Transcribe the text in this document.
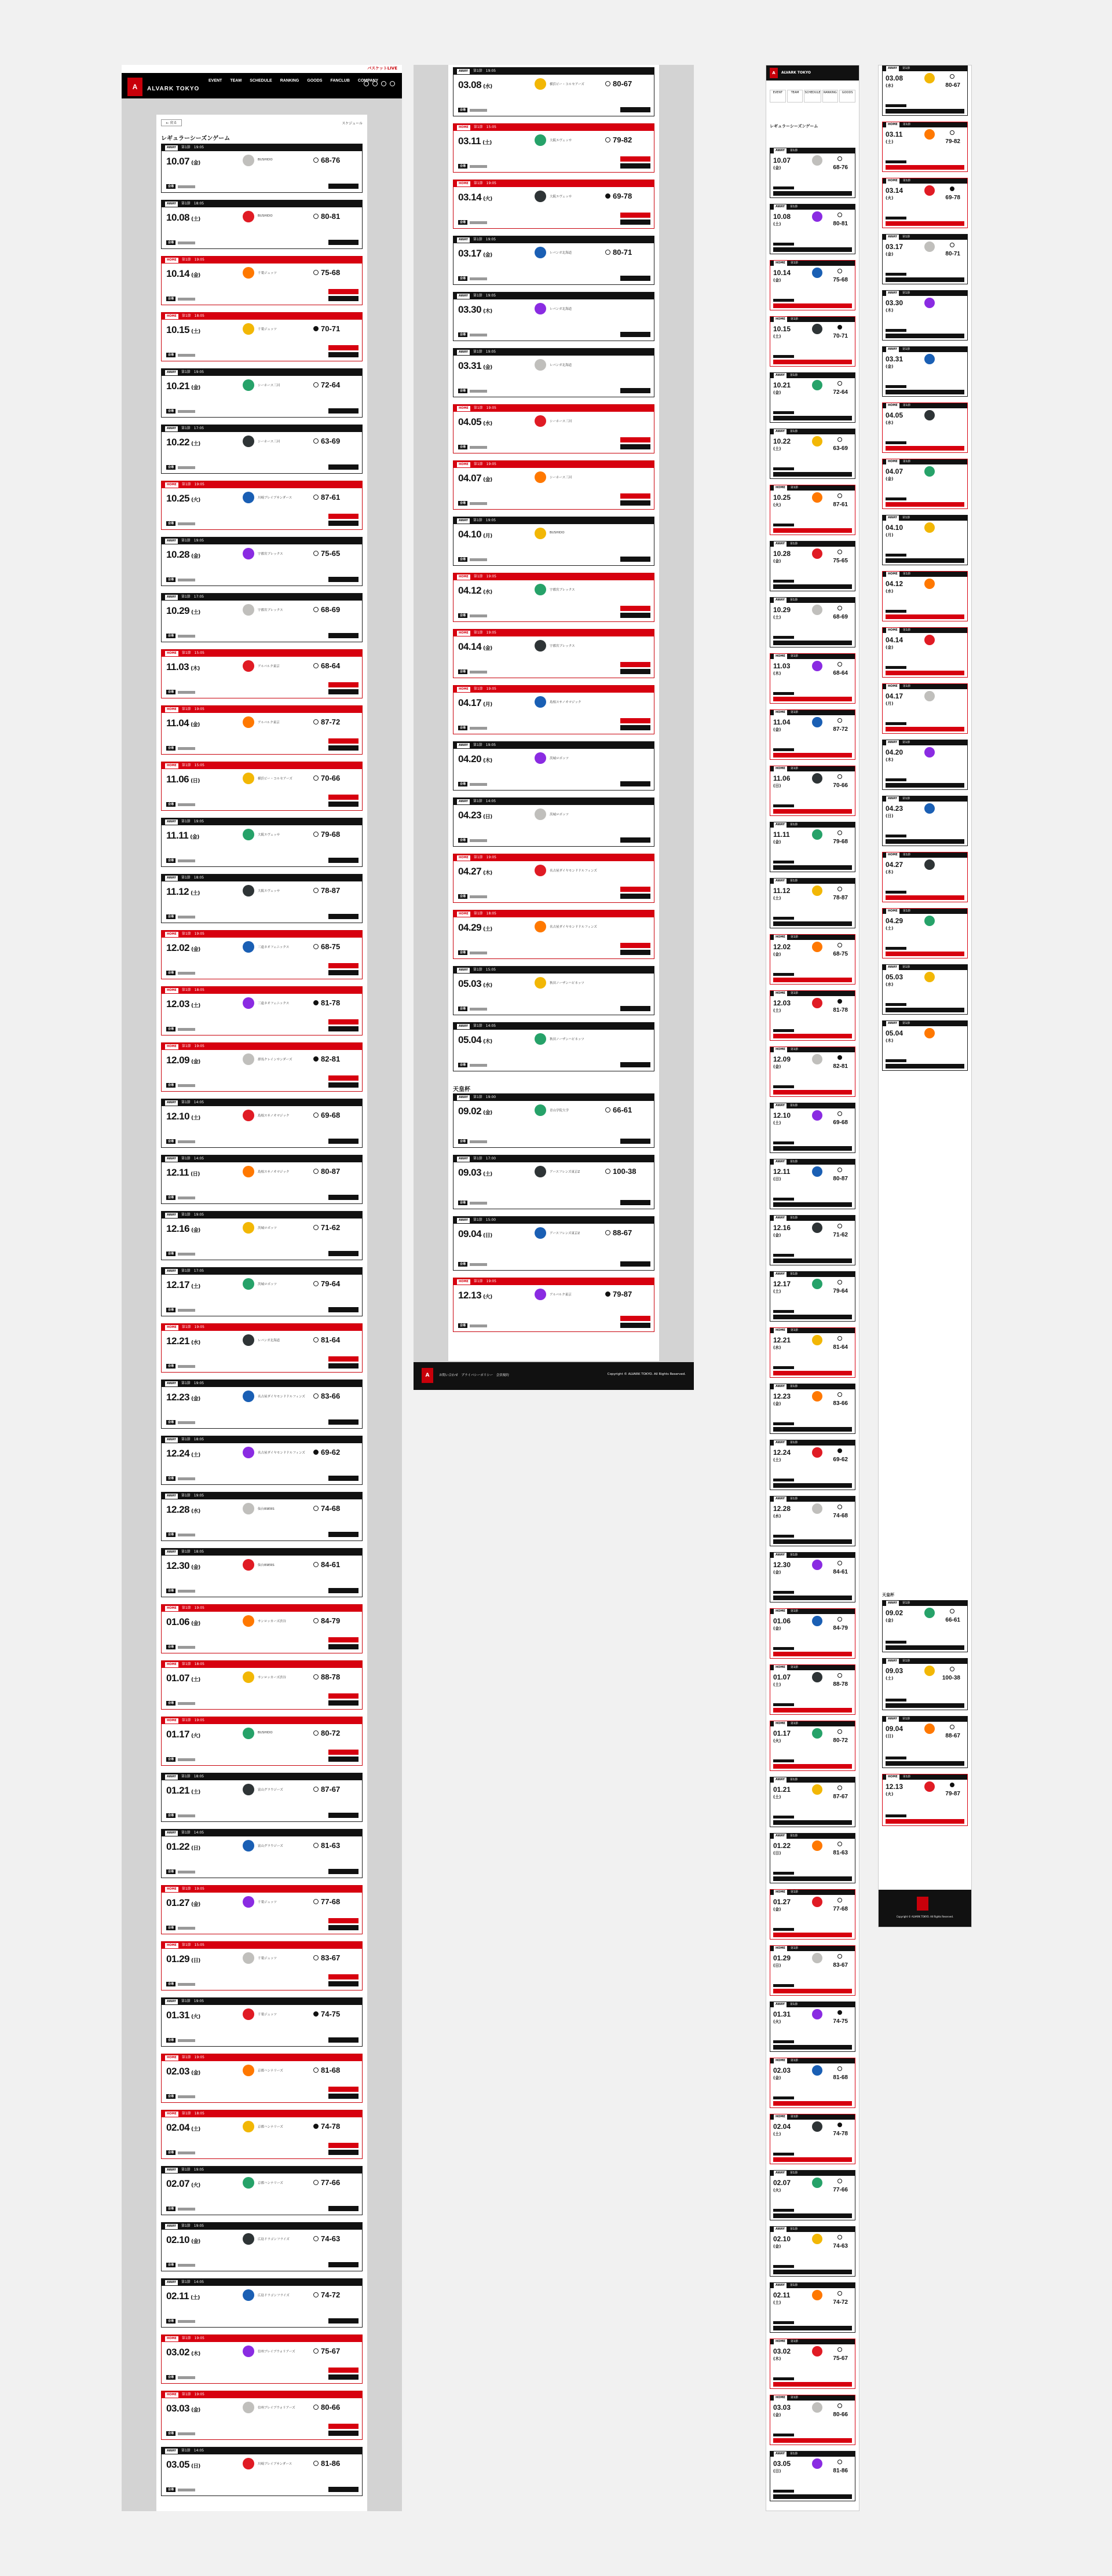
SoftBank バスケットLIVE
A	ALVARK TOKYO
EVENT TEAM SCHEDULE RANKING GOODS FANCLUB COMPANY
← 戻る	スケジュール
レギュラーシーズンゲーム
AWAY	第1節 19:05
10.07 (金)
BUSHIDO	68-76
会場
AWAY	第1節 18:05
10.08 (土)
BUSHIDO	80-81
会場
HOME	第1節 19:05
10.14 (金)	千葉ジェッツ	75-68
会場
HOME	第1節 18:05
10.15 (土)	千葉ジェッツ	70-71
会場
AWAY	第1節 19:05
10.21 (金)	シーホース三河	72-64
会場
AWAY	第1節 17:05
10.22 (土)	シーホース三河	63-69
会場
HOME	第1節 19:05
10.25 (火)	川崎ブレイブサンダース	87-61
会場
AWAY	第1節 19:05
10.28 (金)	宇都宮ブレックス	75-65
会場
AWAY	第1節 17:05
10.29 (土)	宇都宮ブレックス	68-69
会場
HOME	第1節 15:05
11.03 (木)	アルバルク東京	68-64
会場
HOME	第1節 19:05
11.04 (金)	アルバルク東京	87-72
会場
HOME	第1節 15:05
11.06 (日)	横浜ビー・コルセアーズ	70-66
会場
AWAY	第1節 19:05
11.11 (金)	大阪エヴェッサ	79-68
会場
AWAY	第1節 18:05
11.12 (土)	大阪エヴェッサ	78-87
会場
HOME	第1節 19:05
12.02 (金)	三遠ネオフェニックス	68-75
会場
HOME	第1節 18:05
12.03 (土)	三遠ネオフェニックス	81-78
会場
HOME	第1節 19:05
12.09 (金)	群馬クレインサンダーズ	82-81
会場
AWAY	第1節 14:05
12.10 (土)	島根スサノオマジック	69-68
会場
AWAY	第1節 14:05
12.11 (日)	島根スサノオマジック	80-87
会場
AWAY	第1節 19:05
12.16 (金)	茨城ロボッツ	71-62
会場
AWAY	第1節 17:05
12.17 (土)	茨城ロボッツ	79-64
会場
HOME	第1節 19:05
12.21 (水)	レバンガ北海道	81-64
会場
AWAY	第1節 19:05
12.23 (金)	名古屋ダイヤモンドドルフィンズ	83-66
会場
AWAY	第1節 18:05
12.24 (土)	名古屋ダイヤモンドドルフィンズ	69-62
会場
AWAY	第1節 19:05
12.28 (水)	仙台89ERS	74-68
会場
AWAY	第1節 18:05
12.30 (金)	仙台89ERS	84-61
会場
HOME	第1節 19:05
01.06 (金)	サンロッカーズ渋谷	84-79
会場
HOME	第1節 18:05
01.07 (土)	サンロッカーズ渋谷	88-78
会場
HOME	第1節 19:05
01.17 (火)
BUSHIDO	80-72
会場
AWAY	第1節 18:05
01.21 (土)	富山グラウジーズ	87-67
会場
AWAY	第1節 14:05
01.22 (日)	富山グラウジーズ	81-63
会場
HOME	第1節 19:05
01.27 (金)	千葉ジェッツ	77-68
会場
HOME	第1節 15:05
01.29 (日)	千葉ジェッツ	83-67
会場
AWAY	第1節 19:05
01.31 (火)	千葉ジェッツ	74-75
会場
HOME	第1節 19:05
02.03 (金)	京都ハンナリーズ	81-68
会場
HOME	第1節 18:05
02.04 (土)	京都ハンナリーズ	74-78
会場
AWAY	第1節 19:05
02.07 (火)	京都ハンナリーズ	77-66
会場
AWAY	第1節 19:05
02.10 (金)	広島ドラゴンフライズ	74-63
会場
AWAY	第1節 14:05
02.11 (土)	広島ドラゴンフライズ	74-72
会場
HOME	第1節 19:05
03.02 (木)	信州ブレイブウォリアーズ	75-67
会場
HOME	第1節 19:05
03.03 (金)	信州ブレイブウォリアーズ	80-66
会場
AWAY	第1節 14:05
03.05 (日)	川崎ブレイブサンダース	81-86
会場
AWAY	第1節 19:05
03.08 (水)	横浜ビー・コルセアーズ	80-67
会場
HOME	第1節 15:05
03.11 (土)	大阪エヴェッサ	79-82
会場
HOME	第1節 19:05
03.14 (火)	大阪エヴェッサ	69-78
会場
AWAY	第1節 19:05
03.17 (金)	レバンガ北海道	80-71
会場
AWAY	第1節 19:05
03.30 (木)	レバンガ北海道
会場
AWAY	第1節 19:05
03.31 (金)	レバンガ北海道
会場
HOME	第1節 19:05
04.05 (水)	シーホース三河
会場
HOME	第1節 19:05
04.07 (金)	シーホース三河
会場
AWAY	第1節 19:05
04.10 (月)
BUSHIDO
会場
HOME	第1節 19:05
04.12 (水)	宇都宮ブレックス
会場
HOME	第1節 19:05
04.14 (金)	宇都宮ブレックス
会場
HOME	第1節 19:05
04.17 (月)	島根スサノオマジック
会場
AWAY	第1節 19:05
04.20 (木)	茨城ロボッツ
会場
AWAY	第1節 14:05
04.23 (日)	茨城ロボッツ
会場
HOME	第1節 19:05
04.27 (木)	名古屋ダイヤモンドドルフィンズ
会場
HOME	第1節 18:05
04.29 (土)	名古屋ダイヤモンドドルフィンズ
会場
AWAY	第1節 15:05
05.03 (水)	秋田ノーザンハピネッツ
会場
AWAY	第1節 14:05
05.04 (木)	秋田ノーザンハピネッツ
会場
天皇杯
AWAY	第1節 19:00
09.02 (金)	青山学院大学	66-61
会場
AWAY	第1節 17:00
09.03 (土)	アースフレンズ東京Z	100-38
会場
AWAY	第1節 15:00
09.04 (日)	アースフレンズ東京Z	88-67
会場
HOME	第1節 19:05
12.13 (火)	アルバルク東京	79-87
会場
A	お問い合わせ　プライバシーポリシー　会員規約	Copyright © ALVARK TOKYO. All Rights Reserved.
A	ALVARK TOKYO
EVENT	TEAM	SCHEDULE	RANKING	GOODS
レギュラーシーズンゲーム
AWAY	第1節
10.07
(金)	68-76
AWAY	第1節
10.08
(土)	80-81
HOME	第1節
10.14
(金)	75-68
HOME	第1節
10.15
(土)	70-71
AWAY	第1節
10.21
(金)	72-64
AWAY	第1節
10.22
(土)	63-69
HOME	第1節
10.25
(火)	87-61
AWAY	第1節
10.28
(金)	75-65
AWAY	第1節
10.29
(土)	68-69
HOME	第1節
11.03
(木)	68-64
HOME	第1節
11.04
(金)	87-72
HOME	第1節
11.06
(日)	70-66
AWAY	第1節
11.11
(金)	79-68
AWAY	第1節
11.12
(土)	78-87
HOME	第1節
12.02
(金)	68-75
HOME	第1節
12.03
(土)	81-78
HOME	第1節
12.09
(金)	82-81
AWAY	第1節
12.10
(土)	69-68
AWAY	第1節
12.11
(日)	80-87
AWAY	第1節
12.16
(金)	71-62
AWAY	第1節
12.17
(土)	79-64
HOME	第1節
12.21
(水)	81-64
AWAY	第1節
12.23
(金)	83-66
AWAY	第1節
12.24
(土)	69-62
AWAY	第1節
12.28
(水)	74-68
AWAY	第1節
12.30
(金)	84-61
HOME	第1節
01.06
(金)	84-79
HOME	第1節
01.07
(土)	88-78
HOME	第1節
01.17
(火)	80-72
AWAY	第1節
01.21
(土)	87-67
AWAY	第1節
01.22
(日)	81-63
HOME	第1節
01.27
(金)	77-68
HOME	第1節
01.29
(日)	83-67
AWAY	第1節
01.31
(火)	74-75
HOME	第1節
02.03
(金)	81-68
HOME	第1節
02.04
(土)	74-78
AWAY	第1節
02.07
(火)	77-66
AWAY	第1節
02.10
(金)	74-63
AWAY	第1節
02.11
(土)	74-72
HOME	第1節
03.02
(木)	75-67
HOME	第1節
03.03
(金)	80-66
AWAY	第1節
03.05
(日)	81-86
AWAY	第1節
03.08
(水)	80-67
HOME	第1節
03.11
(土)	79-82
HOME	第1節
03.14
(火)	69-78
AWAY	第1節
03.17
(金)	80-71
AWAY	第1節
03.30
(木)
AWAY	第1節
03.31
(金)
HOME	第1節
04.05
(水)
HOME	第1節
04.07
(金)
AWAY	第1節
04.10
(月)
HOME	第1節
04.12
(水)
HOME	第1節
04.14
(金)
HOME	第1節
04.17
(月)
AWAY	第1節
04.20
(木)
AWAY	第1節
04.23
(日)
HOME	第1節
04.27
(木)
HOME	第1節
04.29
(土)
AWAY	第1節
05.03
(水)
AWAY	第1節
05.04
(木)
天皇杯
AWAY	第1節
09.02
(金)	66-61
AWAY	第1節
09.03
(土)	100-38
AWAY	第1節
09.04
(日)	88-67
HOME	第1節
12.13
(火)	79-87
Copyright © ALVARK TOKYO. All Rights Reserved.
